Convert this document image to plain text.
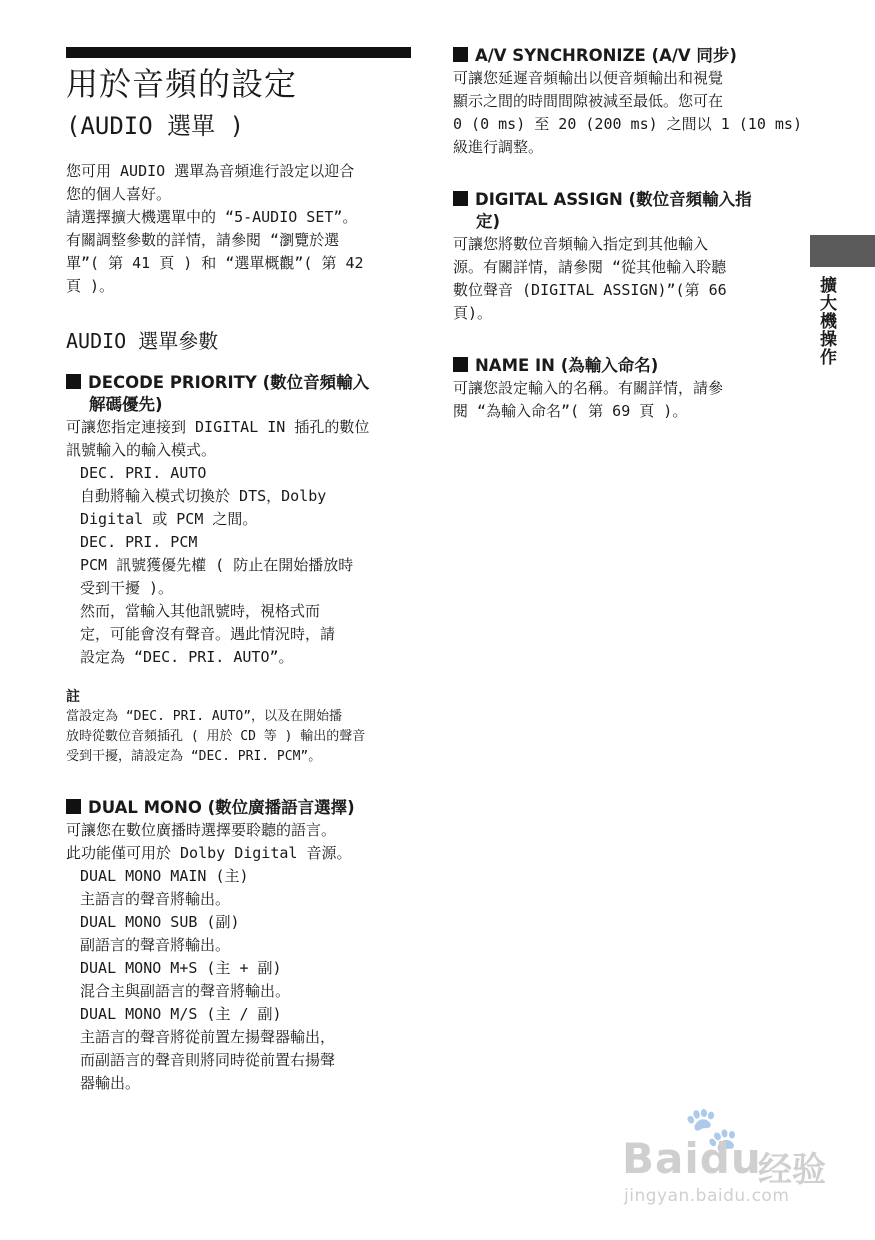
用於音頻的設定
(AUDIO 選單 )

您可用 AUDIO 選單為音頻進行設定以迎合

您的個人喜好。

請選擇擴大機選單中的 “5-AUDIO SET”。

有關調整參數的詳情，請參閱 “瀏覽於選

單”( 第 41 頁 ) 和 “選單概觀”( 第 42

頁 )。

AUDIO 選單參數
DECODE PRIORITY (數位音頻輸入
解碼優先)

可讓您指定連接到 DIGITAL IN 插孔的數位

訊號輸入的輸入模式。

DEC. PRI. AUTO

自動將輸入模式切換於 DTS，Dolby

Digital 或 PCM 之間。

DEC. PRI. PCM

PCM 訊號獲優先權 ( 防止在開始播放時

受到干擾 )。

然而，當輸入其他訊號時，視格式而

定，可能會沒有聲音。遇此情況時，請

設定為 “DEC. PRI. AUTO”。

註

當設定為 “DEC. PRI. AUTO”，以及在開始播

放時從數位音頻插孔 ( 用於 CD 等 ) 輸出的聲音

受到干擾，請設定為 “DEC. PRI. PCM”。

DUAL MONO (數位廣播語言選擇)

可讓您在數位廣播時選擇要聆聽的語言。

此功能僅可用於 Dolby Digital 音源。

DUAL MONO MAIN (主)

主語言的聲音將輸出。

DUAL MONO SUB (副)

副語言的聲音將輸出。

DUAL MONO M+S (主 + 副)

混合主與副語言的聲音將輸出。

DUAL MONO M/S (主 / 副)

主語言的聲音將從前置左揚聲器輸出，

而副語言的聲音則將同時從前置右揚聲

器輸出。

A/V SYNCHRONIZE (A/V 同步)

可讓您延遲音頻輸出以便音頻輸出和視覺

顯示之間的時間間隙被減至最低。您可在

0 (0 ms) 至 20 (200 ms) 之間以 1 (10 ms)

級進行調整。

DIGITAL ASSIGN (數位音頻輸入指
定)

可讓您將數位音頻輸入指定到其他輸入

源。有關詳情，請參閱 “從其他輸入聆聽

數位聲音 (DIGITAL ASSIGN)”(第 66

頁)。

NAME IN (為輸入命名)

可讓您設定輸入的名稱。有關詳情，請參

閱 “為輸入命名”( 第 69 頁 )。

擴大機操作
🐾
Baidu
经验
jingyan.baidu.com
